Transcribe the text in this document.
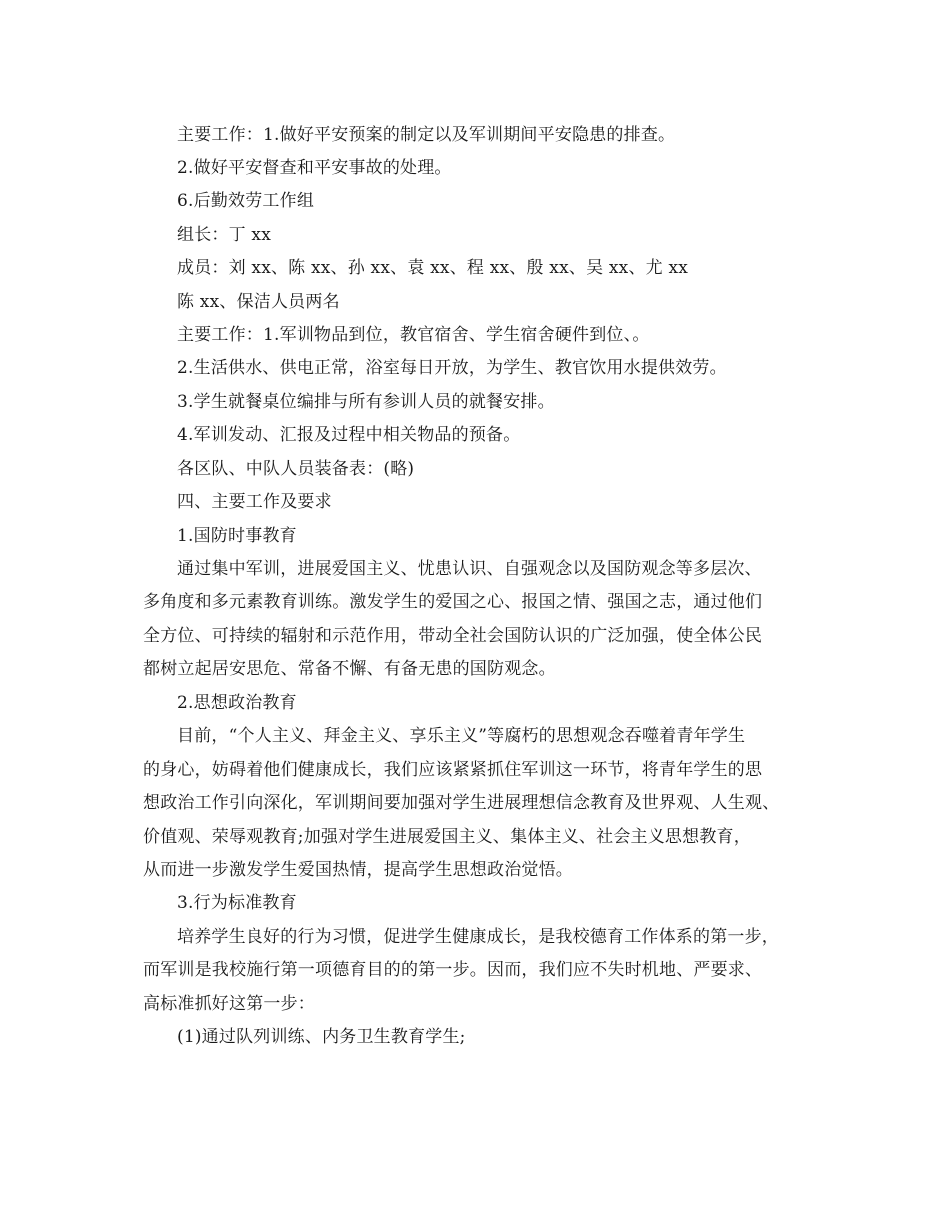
主要工作：1.做好平安预案的制定以及军训期间平安隐患的排查。
2.做好平安督查和平安事故的处理。
6.后勤效劳工作组
组长：丁 xx
成员：刘 xx、陈 xx、孙 xx、袁 xx、程 xx、殷 xx、吴 xx、尤 xx
陈 xx、保洁人员两名
主要工作：1.军训物品到位，教官宿舍、学生宿舍硬件到位、。
2.生活供水、供电正常，浴室每日开放，为学生、教官饮用水提供效劳。
3.学生就餐桌位编排与所有参训人员的就餐安排。
4.军训发动、汇报及过程中相关物品的预备。
各区队、中队人员装备表：(略)
四、主要工作及要求
1.国防时事教育
通过集中军训，进展爱国主义、忧患认识、自强观念以及国防观念等多层次、
多角度和多元素教育训练。激发学生的爱国之心、报国之情、强国之志，通过他们
全方位、可持续的辐射和示范作用，带动全社会国防认识的广泛加强，使全体公民
都树立起居安思危、常备不懈、有备无患的国防观念。
2.思想政治教育
目前，“个人主义、拜金主义、享乐主义”等腐朽的思想观念吞噬着青年学生
的身心，妨碍着他们健康成长，我们应该紧紧抓住军训这一环节，将青年学生的思
想政治工作引向深化，军训期间要加强对学生进展理想信念教育及世界观、人生观、
价值观、荣辱观教育;加强对学生进展爱国主义、集体主义、社会主义思想教育，
从而进一步激发学生爱国热情，提高学生思想政治觉悟。
3.行为标准教育
培养学生良好的行为习惯，促进学生健康成长，是我校德育工作体系的第一步，
而军训是我校施行第一项德育目的的第一步。因而，我们应不失时机地、严要求、
高标准抓好这第一步：
(1)通过队列训练、内务卫生教育学生;
